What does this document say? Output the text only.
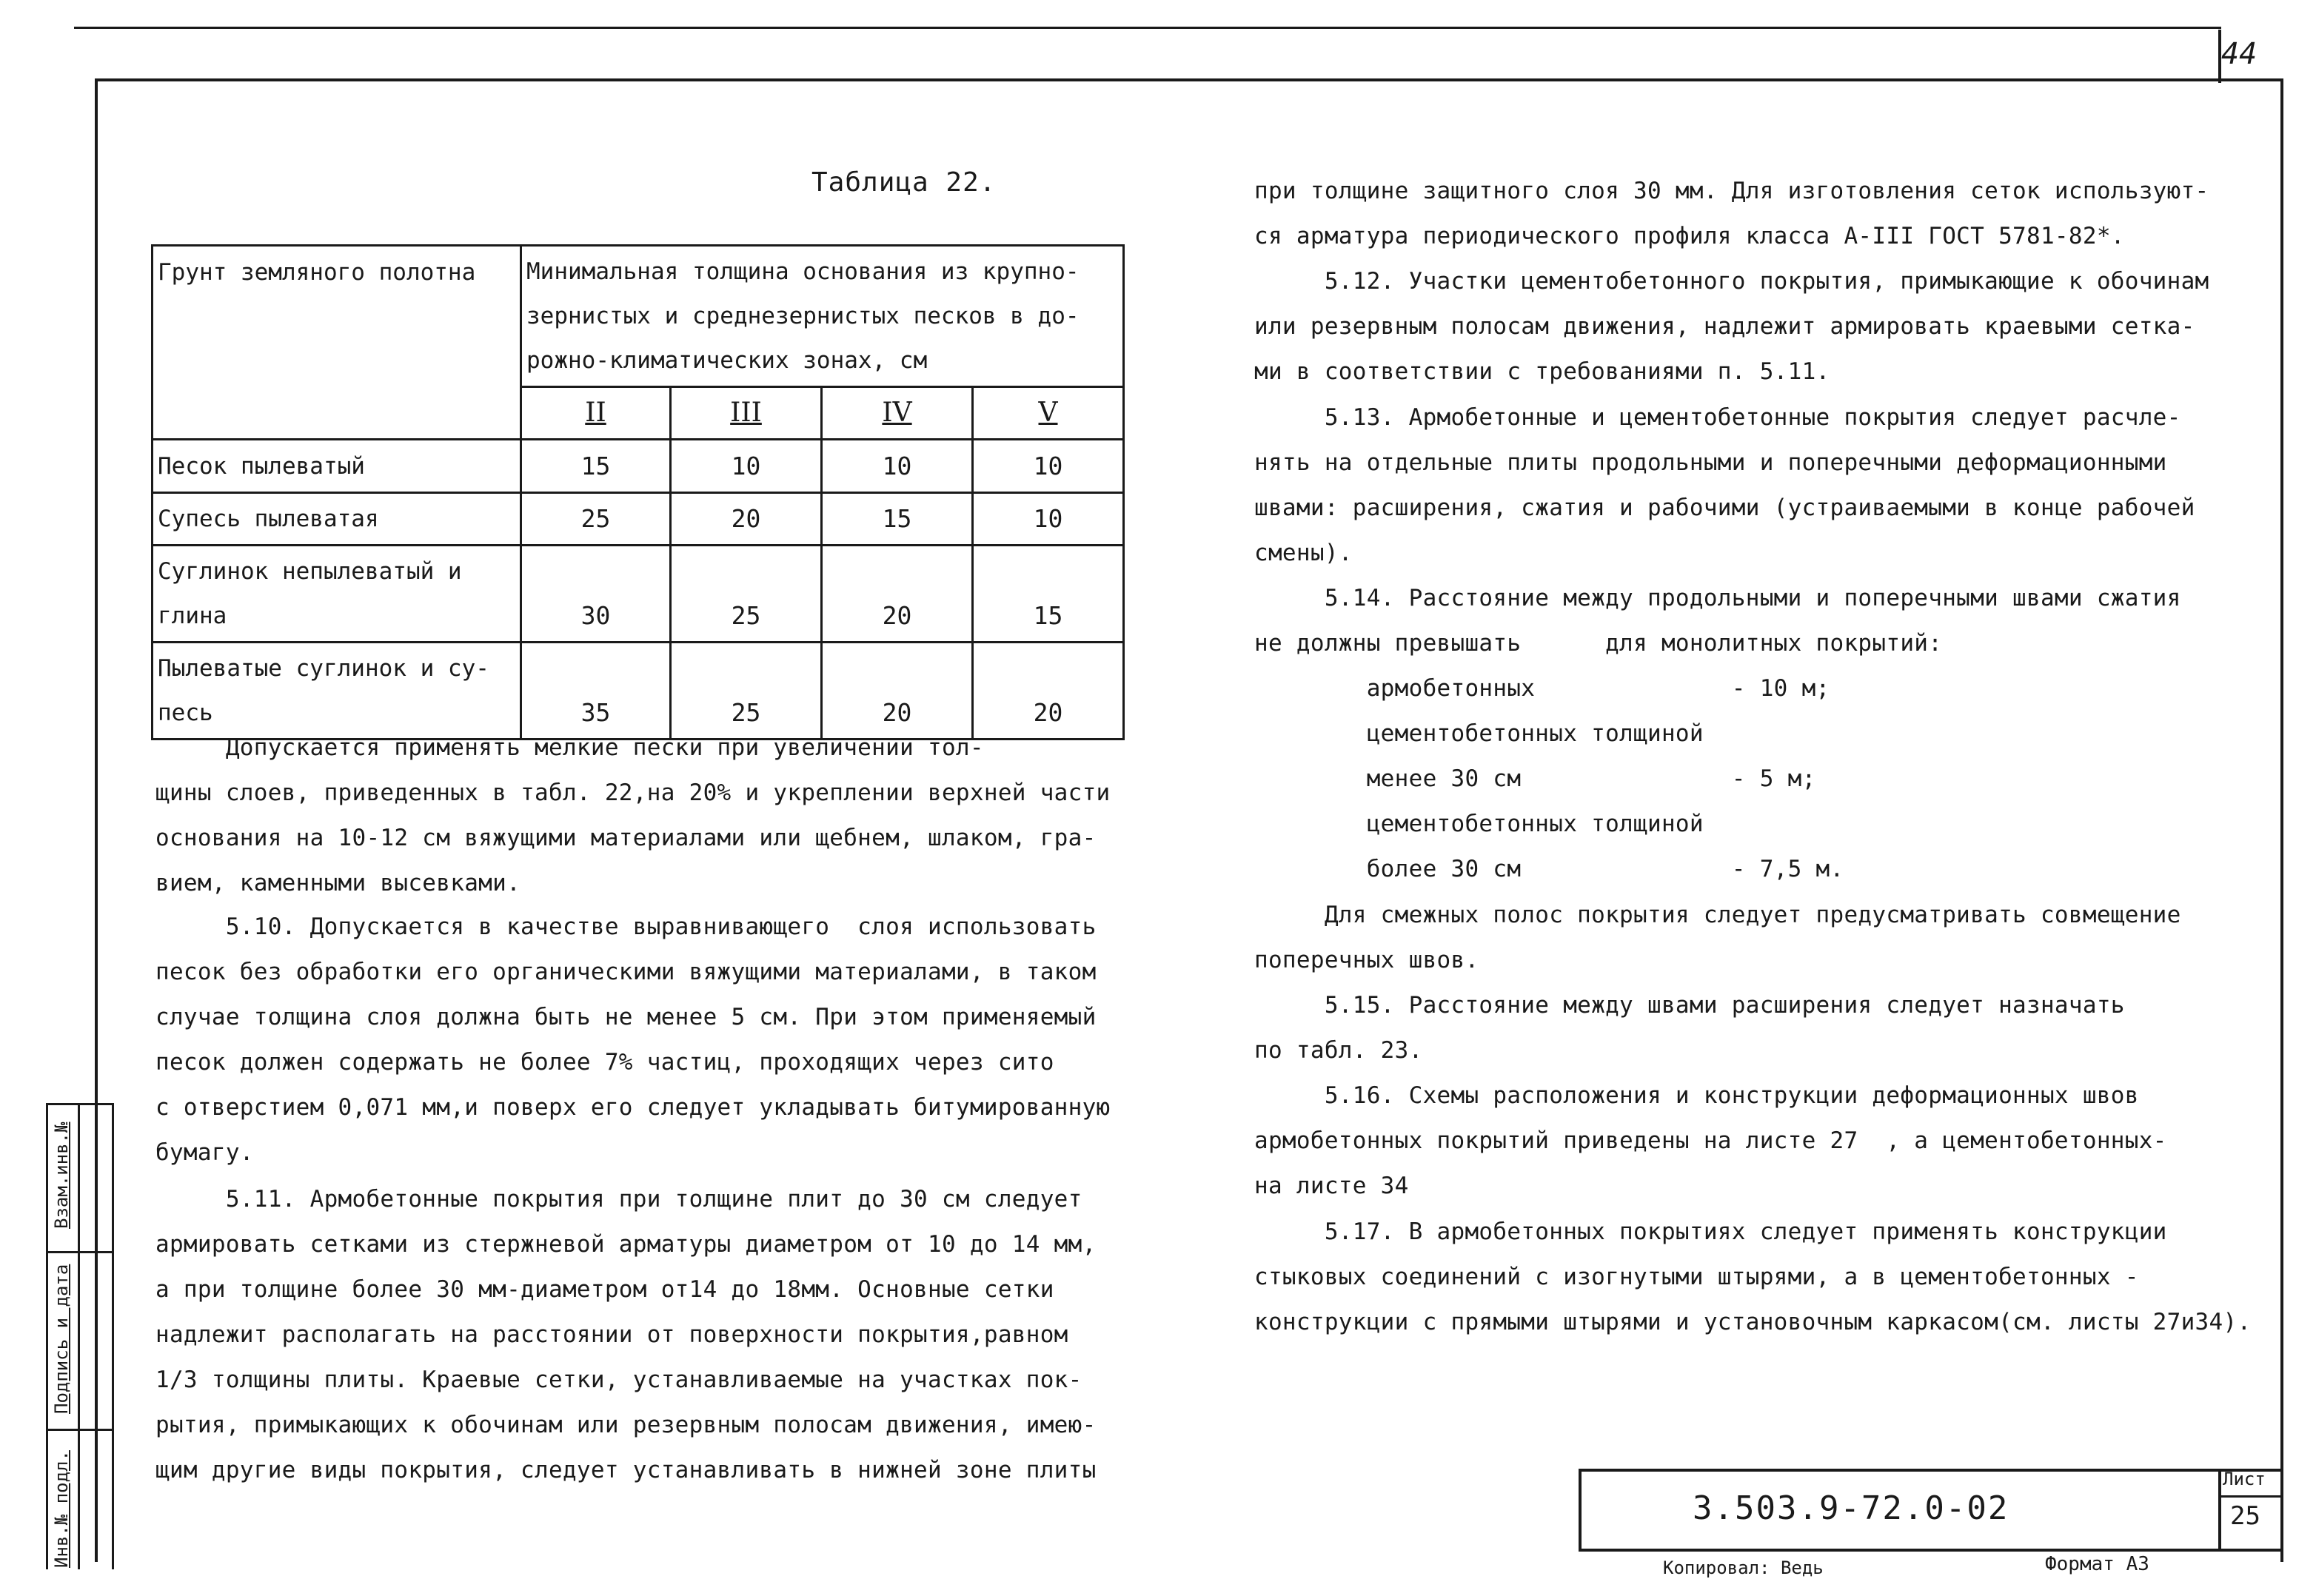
44
Таблица 22.
Грунт земляного полотна	Минимальная толщина основания из крупно-
зернистых и среднезернистых песков в до-
рожно-климатических зонах, см			
	II	III	IV	V
Песок пылеватый	15	10	10	10
Супесь пылеватая	25	20	15	10
Суглинок непылеватый и
глина	30	25	20	15
Пылеватые суглинок и су-
песь	35	25	20	20
Допускается применять мелкие пески при увеличении тол-
щины слоев, приведенных в табл. 22,на 20% и укреплении верхней части
основания на 10-12 см вяжущими материалами или щебнем, шлаком, гра-
вием, каменными высевками.
5.10. Допускается в качестве выравнивающего  слоя использовать
песок без обработки его органическими вяжущими материалами, в таком
случае толщина слоя должна быть не менее 5 см. При этом применяемый
песок должен содержать не более 7% частиц, проходящих через сито
с отверстием 0,071 мм,и поверх его следует укладывать битумированную
бумагу.
5.11. Армобетонные покрытия при толщине плит до 30 см следует
армировать сетками из стержневой арматуры диаметром от 10 до 14 мм,
а при толщине более 30 мм-диаметром от14 до 18мм. Основные сетки
надлежит располагать на расстоянии от поверхности покрытия,равном
1/3 толщины плиты. Краевые сетки, устанавливаемые на участках пок-
рытия, примыкающих к обочинам или резервным полосам движения, имею-
щим другие виды покрытия, следует устанавливать в нижней зоне плиты
при толщине защитного слоя 30 мм. Для изготовления сеток используют-
ся арматура периодического профиля класса А-III ГОСТ 5781-82*.
5.12. Участки цементобетонного покрытия, примыкающие к обочинам
или резервным полосам движения, надлежит армировать краевыми сетка-
ми в соответствии с требованиями п. 5.11.
5.13. Армобетонные и цементобетонные покрытия следует расчле-
нять на отдельные плиты продольными и поперечными деформационными
швами: расширения, сжатия и рабочими (устраиваемыми в конце рабочей
смены).
5.14. Расстояние между продольными и поперечными швами сжатия
не должны превышать      для монолитных покрытий:
армобетонных              - 10 м;
цементобетонных толщиной
менее 30 см               - 5 м;
цементобетонных толщиной
более 30 см               - 7,5 м.
Для смежных полос покрытия следует предусматривать совмещение
поперечных швов.
5.15. Расстояние между швами расширения следует назначать
по табл. 23.
5.16. Схемы расположения и конструкции деформационных швов
армобетонных покрытий приведены на листе 27  , а цементобетонных-
на листе 34
5.17. В армобетонных покрытиях следует применять конструкции
стыковых соединений с изогнутыми штырями, а в цементобетонных -
конструкции с прямыми штырями и установочным каркасом(см. листы 27и34).
Взам.инв.№
Подпись и дата
Инв.№ подл.	3.503.9-72.0-02
Лист
25
Копировал: Ведь	Формат А3
